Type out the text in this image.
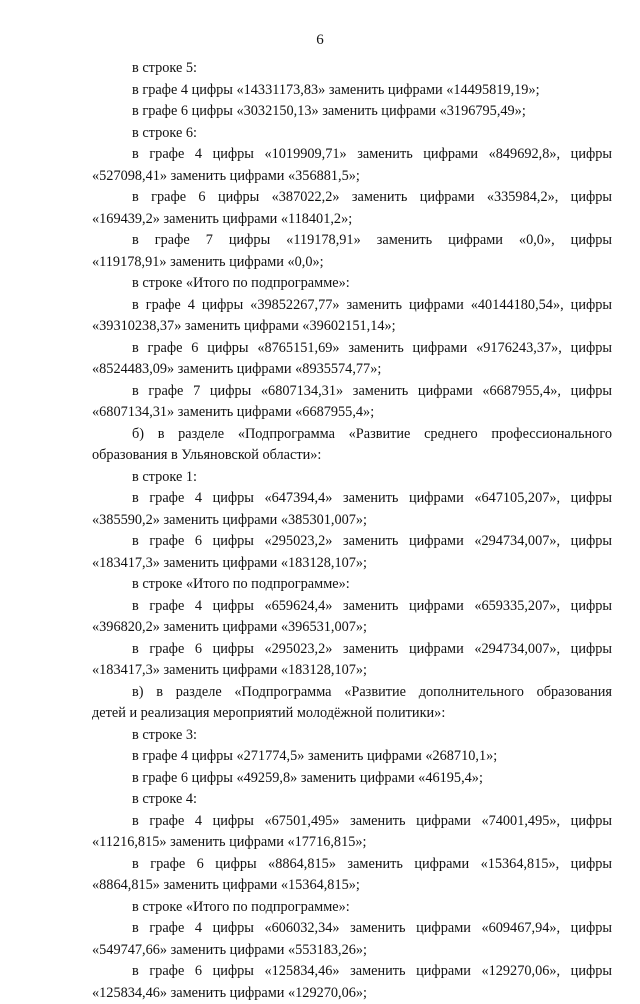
6
в строке 5:
в графе 4 цифры «14331173,83» заменить цифрами «14495819,19»;
в графе 6 цифры «3032150,13» заменить цифрами «3196795,49»;
в строке 6:
в графе 4 цифры «1019909,71» заменить цифрами «849692,8», цифры
«527098,41» заменить цифрами «356881,5»;
в графе 6 цифры «387022,2» заменить цифрами «335984,2», цифры
«169439,2» заменить цифрами «118401,2»;
в графе 7 цифры «119178,91» заменить цифрами «0,0», цифры
«119178,91» заменить цифрами «0,0»;
в строке «Итого по подпрограмме»:
в графе 4 цифры «39852267,77» заменить цифрами «40144180,54», цифры
«39310238,37» заменить цифрами «39602151,14»;
в графе 6 цифры «8765151,69» заменить цифрами «9176243,37», цифры
«8524483,09» заменить цифрами «8935574,77»;
в графе 7 цифры «6807134,31» заменить цифрами «6687955,4», цифры
«6807134,31» заменить цифрами «6687955,4»;
б) в разделе «Подпрограмма «Развитие среднего профессионального
образования в Ульяновской области»:
в строке 1:
в графе 4 цифры «647394,4» заменить цифрами «647105,207», цифры
«385590,2» заменить цифрами «385301,007»;
в графе 6 цифры «295023,2» заменить цифрами «294734,007», цифры
«183417,3» заменить цифрами «183128,107»;
в строке «Итого по подпрограмме»:
в графе 4 цифры «659624,4» заменить цифрами «659335,207», цифры
«396820,2» заменить цифрами «396531,007»;
в графе 6 цифры «295023,2» заменить цифрами «294734,007», цифры
«183417,3» заменить цифрами «183128,107»;
в) в разделе «Подпрограмма «Развитие дополнительного образования
детей и реализация мероприятий молодёжной политики»:
в строке 3:
в графе 4 цифры «271774,5» заменить цифрами «268710,1»;
в графе 6 цифры «49259,8» заменить цифрами «46195,4»;
в строке 4:
в графе 4 цифры «67501,495» заменить цифрами «74001,495», цифры
«11216,815» заменить цифрами «17716,815»;
в графе 6 цифры «8864,815» заменить цифрами «15364,815», цифры
«8864,815» заменить цифрами «15364,815»;
в строке «Итого по подпрограмме»:
в графе 4 цифры «606032,34» заменить цифрами «609467,94», цифры
«549747,66» заменить цифрами «553183,26»;
в графе 6 цифры «125834,46» заменить цифрами «129270,06», цифры
«125834,46» заменить цифрами «129270,06»;
